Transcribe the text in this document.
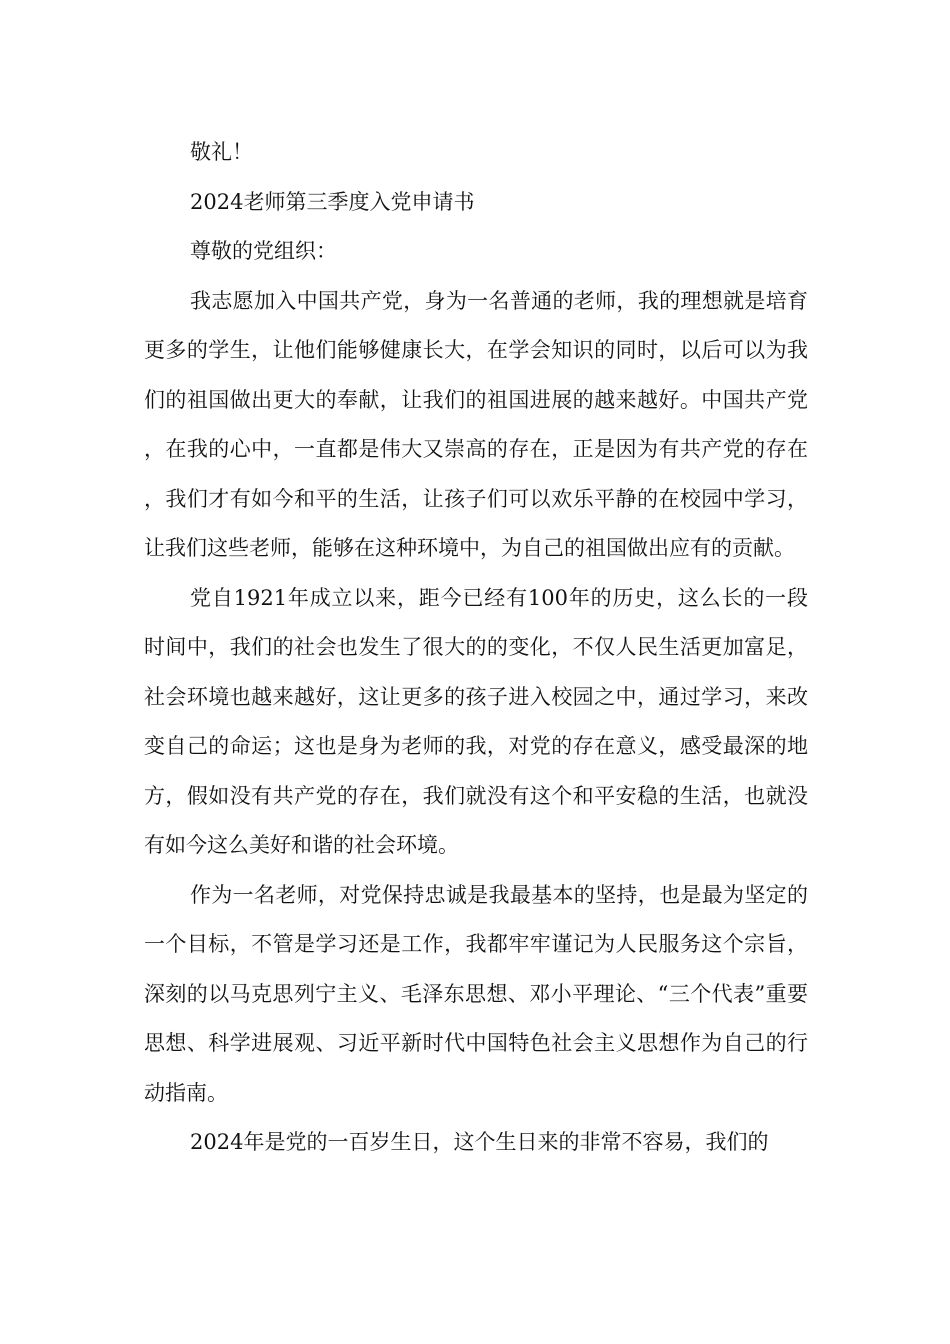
敬礼！

2024老师第三季度入党申请书

尊敬的党组织：

我志愿加入中国共产党，身为一名普通的老师，我的理想就是培育更多的学生，让他们能够健康长大，在学会知识的同时，以后可以为我们的祖国做出更大的奉献，让我们的祖国进展的越来越好。中国共产党，在我的心中，一直都是伟大又崇高的存在，正是因为有共产党的存在，我们才有如今和平的生活，让孩子们可以欢乐平静的在校园中学习，让我们这些老师，能够在这种环境中，为自己的祖国做出应有的贡献。

党自1921年成立以来，距今已经有100年的历史，这么长的一段时间中，我们的社会也发生了很大的的变化，不仅人民生活更加富足，社会环境也越来越好，这让更多的孩子进入校园之中，通过学习，来改变自己的命运；这也是身为老师的我，对党的存在意义，感受最深的地方，假如没有共产党的存在，我们就没有这个和平安稳的生活，也就没有如今这么美好和谐的社会环境。

作为一名老师，对党保持忠诚是我最基本的坚持，也是最为坚定的一个目标，不管是学习还是工作，我都牢牢谨记为人民服务这个宗旨，深刻的以马克思列宁主义、毛泽东思想、邓小平理论、“三个代表”重要思想、科学进展观、习近平新时代中国特色社会主义思想作为自己的行动指南。

2024年是党的一百岁生日，这个生日来的非常不容易，我们的
